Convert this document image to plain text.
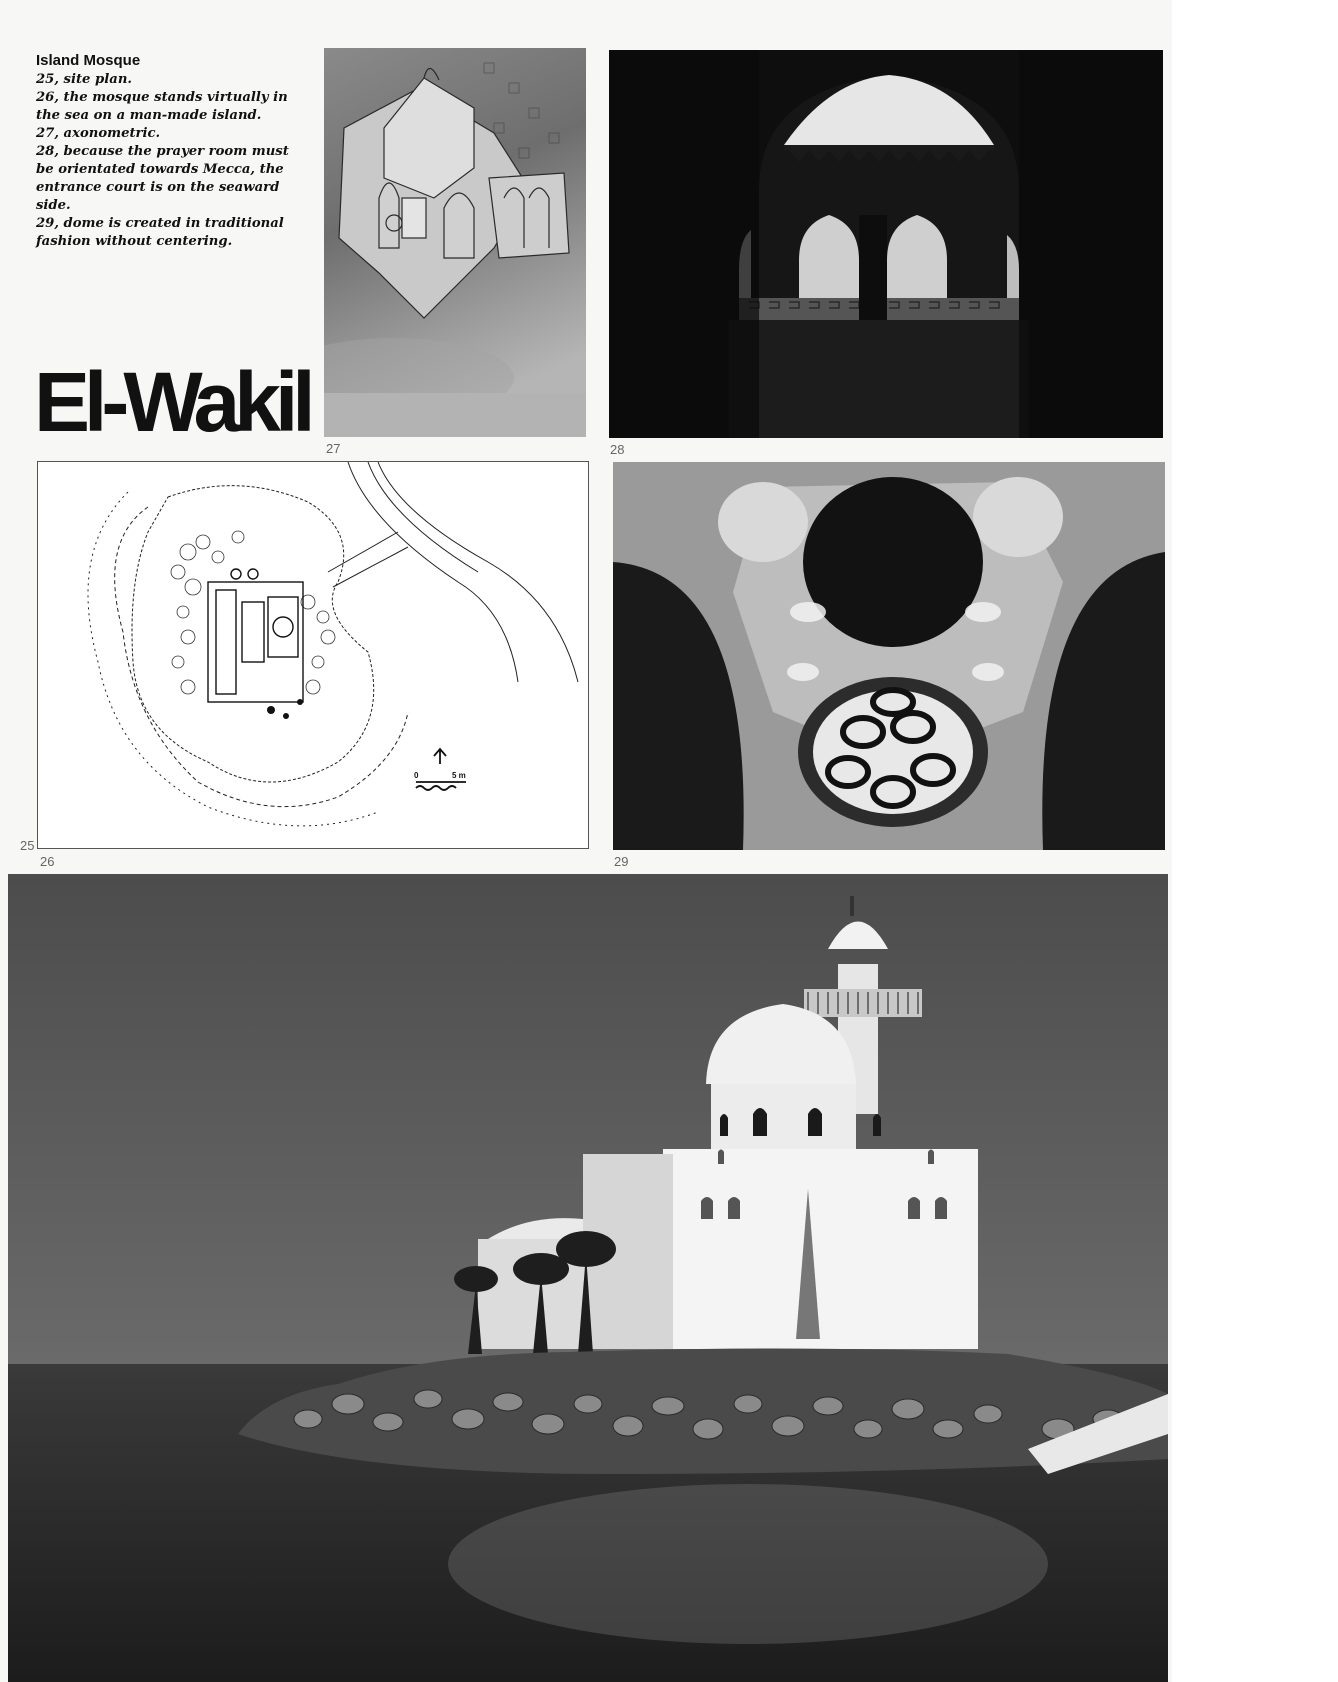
Island Mosque
25, site plan.
26, the mosque stands virtually in
the sea on a man-made island.
27, axonometric.
28, because the prayer room must
be orientated towards Mecca, the
entrance court is on the seaward
side.
29, dome is created in traditional
fashion without centering.
El-Wakil 27	28
0	5 m
25
26	29
